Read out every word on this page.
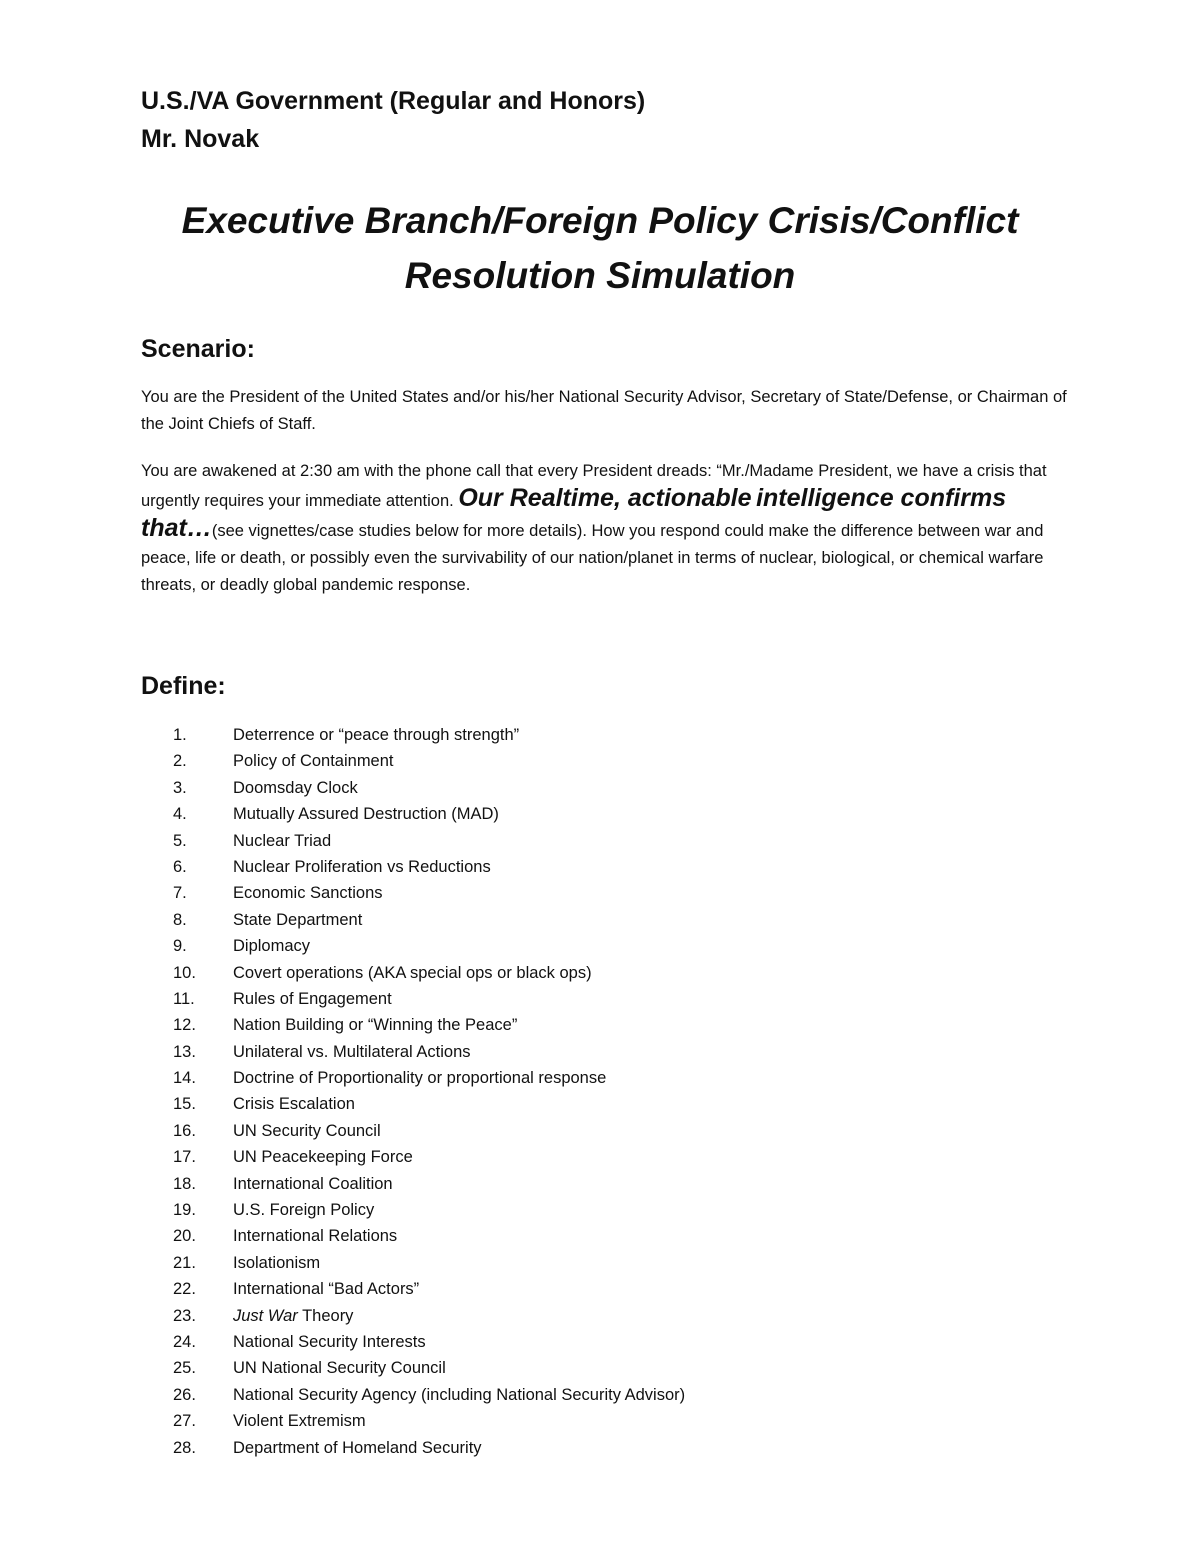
U.S./VA Government (Regular and Honors)
Mr. Novak
Executive Branch/Foreign Policy Crisis/Conflict
Resolution Simulation
Scenario:
You are the President of the United States and/or his/her National Security Advisor, Secretary of State/Defense, or Chairman of the Joint Chiefs of Staff.
You are awakened at 2:30 am with the phone call that every President dreads: “Mr./Madame President, we have a crisis that urgently requires your immediate attention. Our Realtime, actionable intelligence confirms that…(see vignettes/case studies below for more details). How you respond could make the difference between war and peace, life or death, or possibly even the survivability of our nation/planet in terms of nuclear, biological, or chemical warfare threats, or deadly global pandemic response.
Define:
1.	Deterrence or “peace through strength”
2.	Policy of Containment
3.	Doomsday Clock
4.	Mutually Assured Destruction (MAD)
5.	Nuclear Triad
6.	Nuclear Proliferation vs Reductions
7.	Economic Sanctions
8.	State Department
9.	Diplomacy
10. Covert operations (AKA special ops or black ops)
11. Rules of Engagement
12. Nation Building or “Winning the Peace”
13. Unilateral vs. Multilateral Actions
14. Doctrine of Proportionality or proportional response
15. Crisis Escalation
16. UN Security Council
17. UN Peacekeeping Force
18. International Coalition
19. U.S. Foreign Policy
20. International Relations
21. Isolationism
22. International “Bad Actors”
23. Just War Theory
24. National Security Interests
25. UN National Security Council
26. National Security Agency (including National Security Advisor)
27. Violent Extremism
28. Department of Homeland Security
